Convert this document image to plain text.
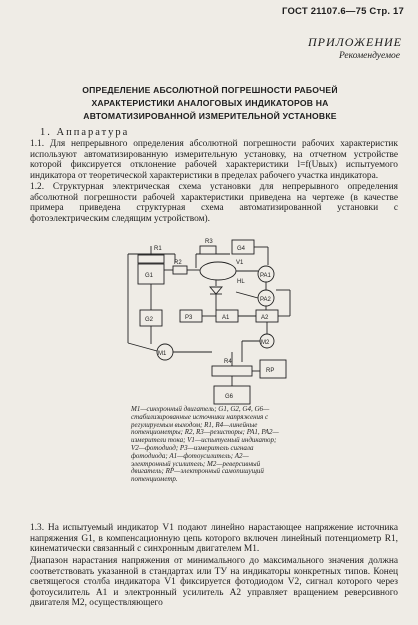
ГОСТ 21107.6—75 Стр. 17
ПРИЛОЖЕНИЕ
Рекомендуемое
ОПРЕДЕЛЕНИЕ АБСОЛЮТНОЙ ПОГРЕШНОСТИ РАБОЧЕЙ
ХАРАКТЕРИСТИКИ АНАЛОГОВЫХ ИНДИКАТОРОВ НА
АВТОМАТИЗИРОВАННОЙ ИЗМЕРИТЕЛЬНОЙ УСТАНОВКЕ
1. Аппаратура
1.1. Для непрерывного определения абсолютной погрешности рабочих характеристик используют автоматизированную измерительную установку, на отчетном устройстве которой фиксируется отклонение рабочей характеристики l=f(Uвых) испытуемого индикатора от теоретической характеристики в пределах рабочего участка индикатора.
1.2. Структурная электрическая схема установки для непрерывного определения абсолютной погрешности рабочей характеристики приведена на чертеже (в качестве примера приведена структурная схема автоматизированной установки с фотоэлектрическим следящим устройством).
R1
G1
R2
R3
G4
V1
PA1
HL
PA2
G2	P3	A1	A2
M2
M1
R4
RP
G6
M1—синхронный двигатель; G1, G2, G4, G6—стабилизированные источники напряжения с регулируемым выходом; R1, R4—линейные потенциометры; R2, R3—резисторы; PA1, PA2—измерители тока; V1—испытуемый индикатор; V2—фотодиод; P3—измеритель сигнала фотодиода; A1—фотоусилитель; A2—электронный усилитель; M2—реверсивный двигатель; RP—электронный самопишущий потенциометр.
1.3. На испытуемый индикатор V1 подают линейно нарастающее напряжение источника напряжения G1, в компенсационную цепь которого включен линейный потенциометр R1, кинематически связанный с синхронным двигателем M1.
Диапазон нарастания напряжения от минимального до максимального значения должна соответствовать указанной в стандартах или ТУ на индикаторы конкретных типов. Конец светящегося столба индикатора V1 фиксируется фотодиодом V2, сигнал которого через фотоусилитель A1 и электронный усилитель A2 управляет вращением реверсивного двигателя M2, осуществляющего
